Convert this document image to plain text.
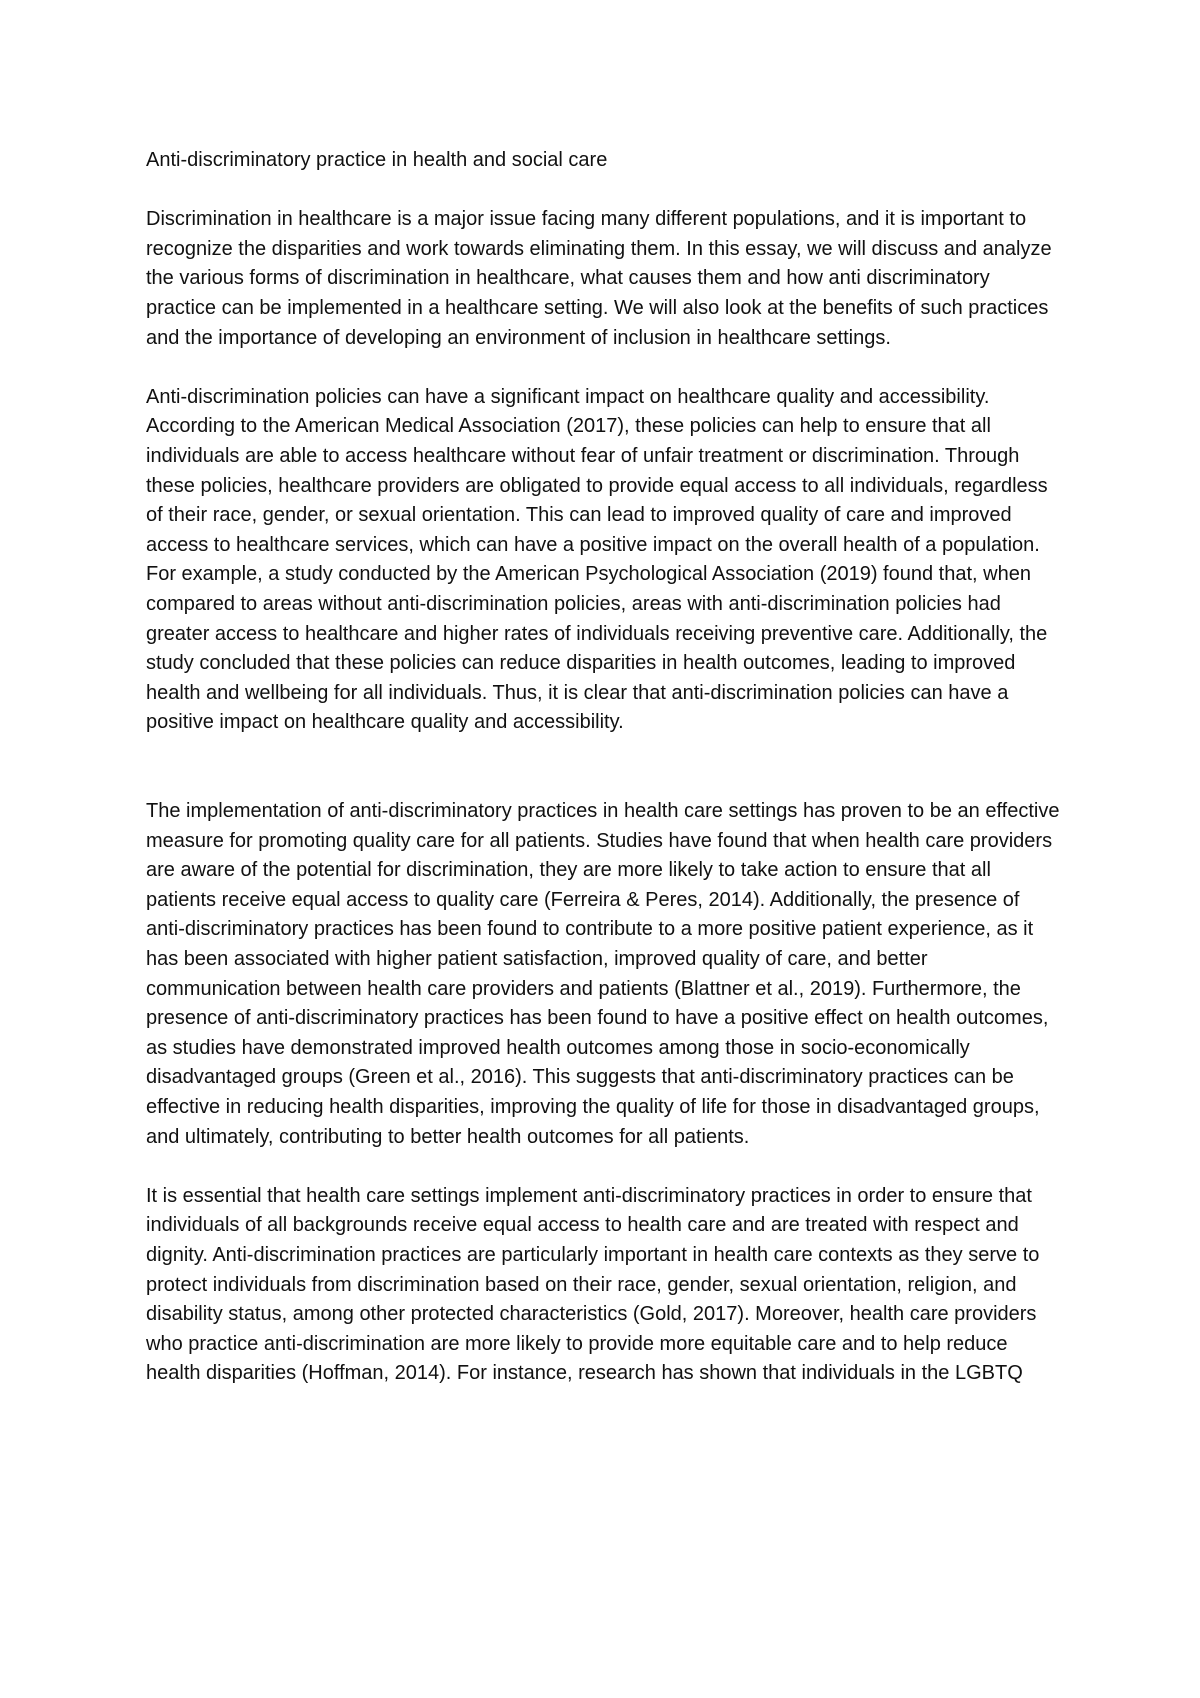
Anti-discriminatory practice in health and social care

Discrimination in healthcare is a major issue facing many different populations, and it is important to recognize the disparities and work towards eliminating them. In this essay, we will discuss and analyze the various forms of discrimination in healthcare, what causes them and how anti discriminatory practice can be implemented in a healthcare setting. We will also look at the benefits of such practices and the importance of developing an environment of inclusion in healthcare settings.

Anti-discrimination policies can have a significant impact on healthcare quality and accessibility. According to the American Medical Association (2017), these policies can help to ensure that all individuals are able to access healthcare without fear of unfair treatment or discrimination. Through these policies, healthcare providers are obligated to provide equal access to all individuals, regardless of their race, gender, or sexual orientation. This can lead to improved quality of care and improved access to healthcare services, which can have a positive impact on the overall health of a population. For example, a study conducted by the American Psychological Association (2019) found that, when compared to areas without anti-discrimination policies, areas with anti-discrimination policies had greater access to healthcare and higher rates of individuals receiving preventive care. Additionally, the study concluded that these policies can reduce disparities in health outcomes, leading to improved health and wellbeing for all individuals. Thus, it is clear that anti-discrimination policies can have a positive impact on healthcare quality and accessibility.

The implementation of anti-discriminatory practices in health care settings has proven to be an effective measure for promoting quality care for all patients. Studies have found that when health care providers are aware of the potential for discrimination, they are more likely to take action to ensure that all patients receive equal access to quality care (Ferreira & Peres, 2014). Additionally, the presence of anti-discriminatory practices has been found to contribute to a more positive patient experience, as it has been associated with higher patient satisfaction, improved quality of care, and better communication between health care providers and patients (Blattner et al., 2019). Furthermore, the presence of anti-discriminatory practices has been found to have a positive effect on health outcomes, as studies have demonstrated improved health outcomes among those in socio-economically disadvantaged groups (Green et al., 2016). This suggests that anti-discriminatory practices can be effective in reducing health disparities, improving the quality of life for those in disadvantaged groups, and ultimately, contributing to better health outcomes for all patients.

It is essential that health care settings implement anti-discriminatory practices in order to ensure that individuals of all backgrounds receive equal access to health care and are treated with respect and dignity. Anti-discrimination practices are particularly important in health care contexts as they serve to protect individuals from discrimination based on their race, gender, sexual orientation, religion, and disability status, among other protected characteristics (Gold, 2017). Moreover, health care providers who practice anti-discrimination are more likely to provide more equitable care and to help reduce health disparities (Hoffman, 2014). For instance, research has shown that individuals in the LGBTQ
